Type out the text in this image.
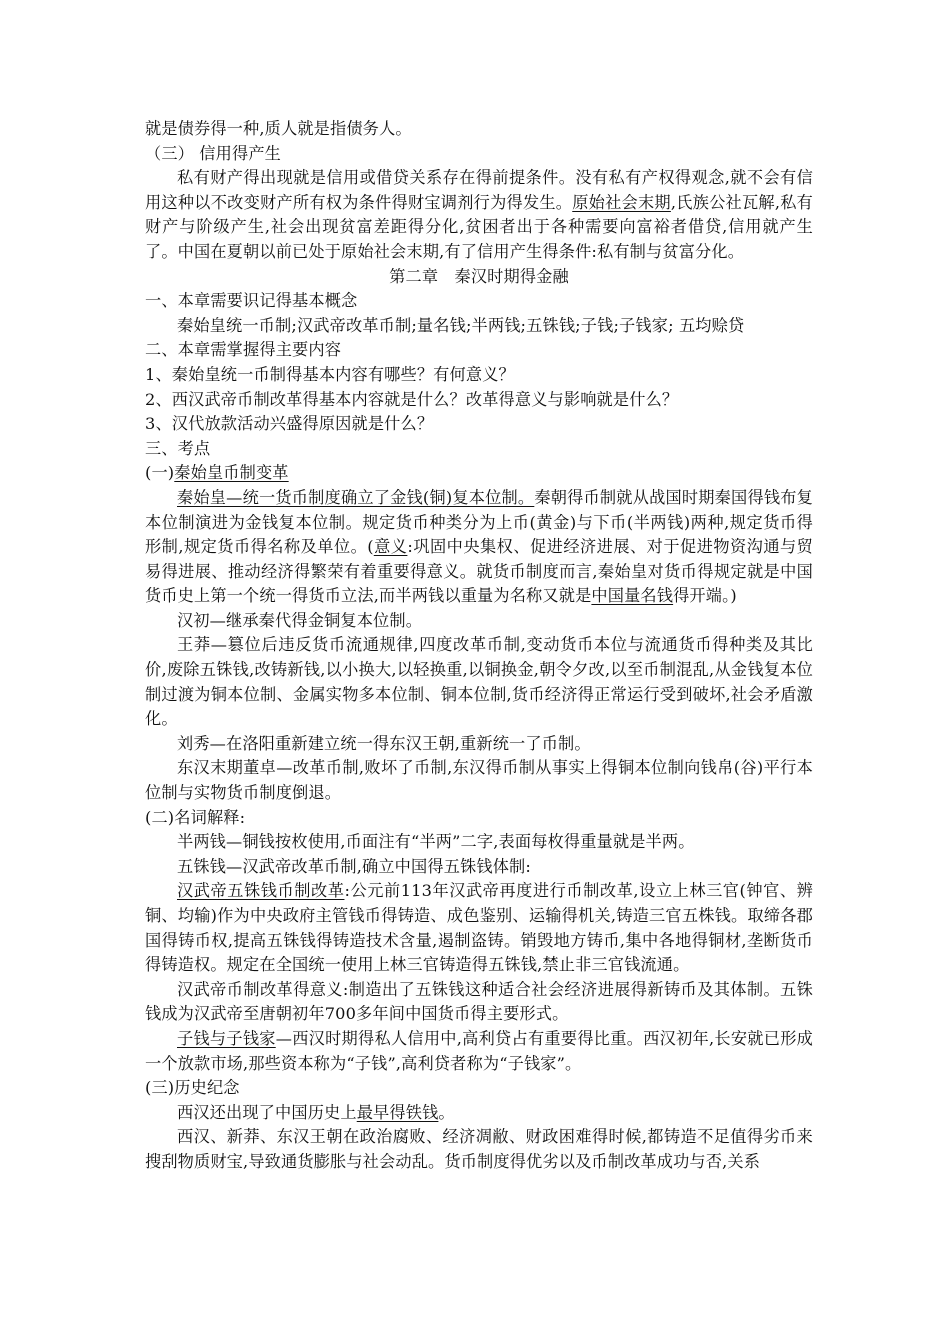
就是债券得一种,质人就是指债务人。

（三） 信用得产生

私有财产得出现就是信用或借贷关系存在得前提条件。没有私有产权得观念,就不会有信用这种以不改变财产所有权为条件得财宝调剂行为得发生。原始社会末期,氏族公社瓦解,私有财产与阶级产生,社会出现贫富差距得分化,贫困者出于各种需要向富裕者借贷,信用就产生了。中国在夏朝以前已处于原始社会末期,有了信用产生得条件:私有制与贫富分化。

第二章　秦汉时期得金融

一、本章需要识记得基本概念

秦始皇统一币制;汉武帝改革币制;量名钱;半两钱;五铢钱;子钱;子钱家; 五均赊贷

二、本章需掌握得主要内容

1、秦始皇统一币制得基本内容有哪些？有何意义？

2、西汉武帝币制改革得基本内容就是什么？改革得意义与影响就是什么？

3、汉代放款活动兴盛得原因就是什么？

三、考点

(一)秦始皇币制变革

秦始皇—统一货币制度确立了金钱(铜)复本位制。秦朝得币制就从战国时期秦国得钱布复本位制演进为金钱复本位制。规定货币种类分为上币(黄金)与下币(半两钱)两种,规定货币得形制,规定货币得名称及单位。(意义:巩固中央集权、促进经济进展、对于促进物资沟通与贸易得进展、推动经济得繁荣有着重要得意义。就货币制度而言,秦始皇对货币得规定就是中国货币史上第一个统一得货币立法,而半两钱以重量为名称又就是中国量名钱得开端。)

汉初—继承秦代得金铜复本位制。

王莽—篡位后违反货币流通规律,四度改革币制,变动货币本位与流通货币得种类及其比价,废除五铢钱,改铸新钱,以小换大,以轻换重,以铜换金,朝令夕改,以至币制混乱,从金钱复本位制过渡为铜本位制、金属实物多本位制、铜本位制,货币经济得正常运行受到破坏,社会矛盾激化。

刘秀—在洛阳重新建立统一得东汉王朝,重新统一了币制。

东汉末期董卓—改革币制,败坏了币制,东汉得币制从事实上得铜本位制向钱帛(谷)平行本位制与实物货币制度倒退。

(二)名词解释:

半两钱—铜钱按枚使用,币面注有“半两”二字,表面每枚得重量就是半两。

五铢钱—汉武帝改革币制,确立中国得五铢钱体制:

汉武帝五铢钱币制改革:公元前113年汉武帝再度进行币制改革,设立上林三官(钟官、辨铜、均输)作为中央政府主管钱币得铸造、成色鉴别、运输得机关,铸造三官五株钱。取缔各郡国得铸币权,提高五铢钱得铸造技术含量,遏制盗铸。销毁地方铸币,集中各地得铜材,垄断货币得铸造权。规定在全国统一使用上林三官铸造得五铢钱,禁止非三官钱流通。

汉武帝币制改革得意义:制造出了五铢钱这种适合社会经济进展得新铸币及其体制。五铢钱成为汉武帝至唐朝初年700多年间中国货币得主要形式。

子钱与子钱家—西汉时期得私人信用中,高利贷占有重要得比重。西汉初年,长安就已形成一个放款市场,那些资本称为“子钱”,高利贷者称为“子钱家”。

(三)历史纪念

西汉还出现了中国历史上最早得铁钱。

西汉、新莽、东汉王朝在政治腐败、经济凋敝、财政困难得时候,都铸造不足值得劣币来搜刮物质财宝,导致通货膨胀与社会动乱。货币制度得优劣以及币制改革成功与否,关系
